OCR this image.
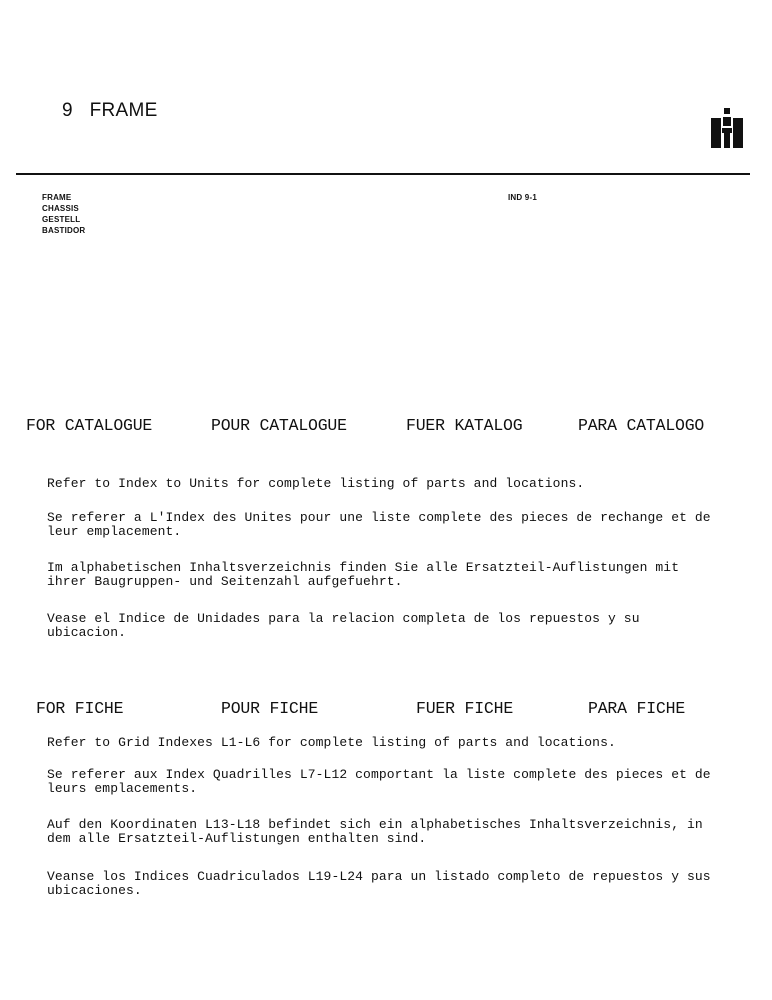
9 FRAME
FRAME
CHASSIS
GESTELL
BASTIDOR
IND 9-1
FOR CATALOGUE	POUR CATALOGUE	FUER KATALOG	PARA CATALOGO
Refer to Index to Units for complete listing of parts and locations.
Se referer a L'Index des Unites pour une liste complete des pieces de rechange et de leur emplacement.
Im alphabetischen Inhaltsverzeichnis finden Sie alle Ersatzteil-Auflistungen mit ihrer Baugruppen- und Seitenzahl aufgefuehrt.
Vease el Indice de Unidades para la relacion completa de los repuestos y su ubicacion.
FOR FICHE	POUR FICHE	FUER FICHE	PARA FICHE
Refer to Grid Indexes L1-L6 for complete listing of parts and locations.
Se referer aux Index Quadrilles L7-L12 comportant la liste complete des pieces et de leurs emplacements.
Auf den Koordinaten L13-L18 befindet sich ein alphabetisches Inhaltsverzeichnis, in dem alle Ersatzteil-Auflistungen enthalten sind.
Veanse los Indices Cuadriculados L19-L24 para un listado completo de repuestos y sus ubicaciones.
